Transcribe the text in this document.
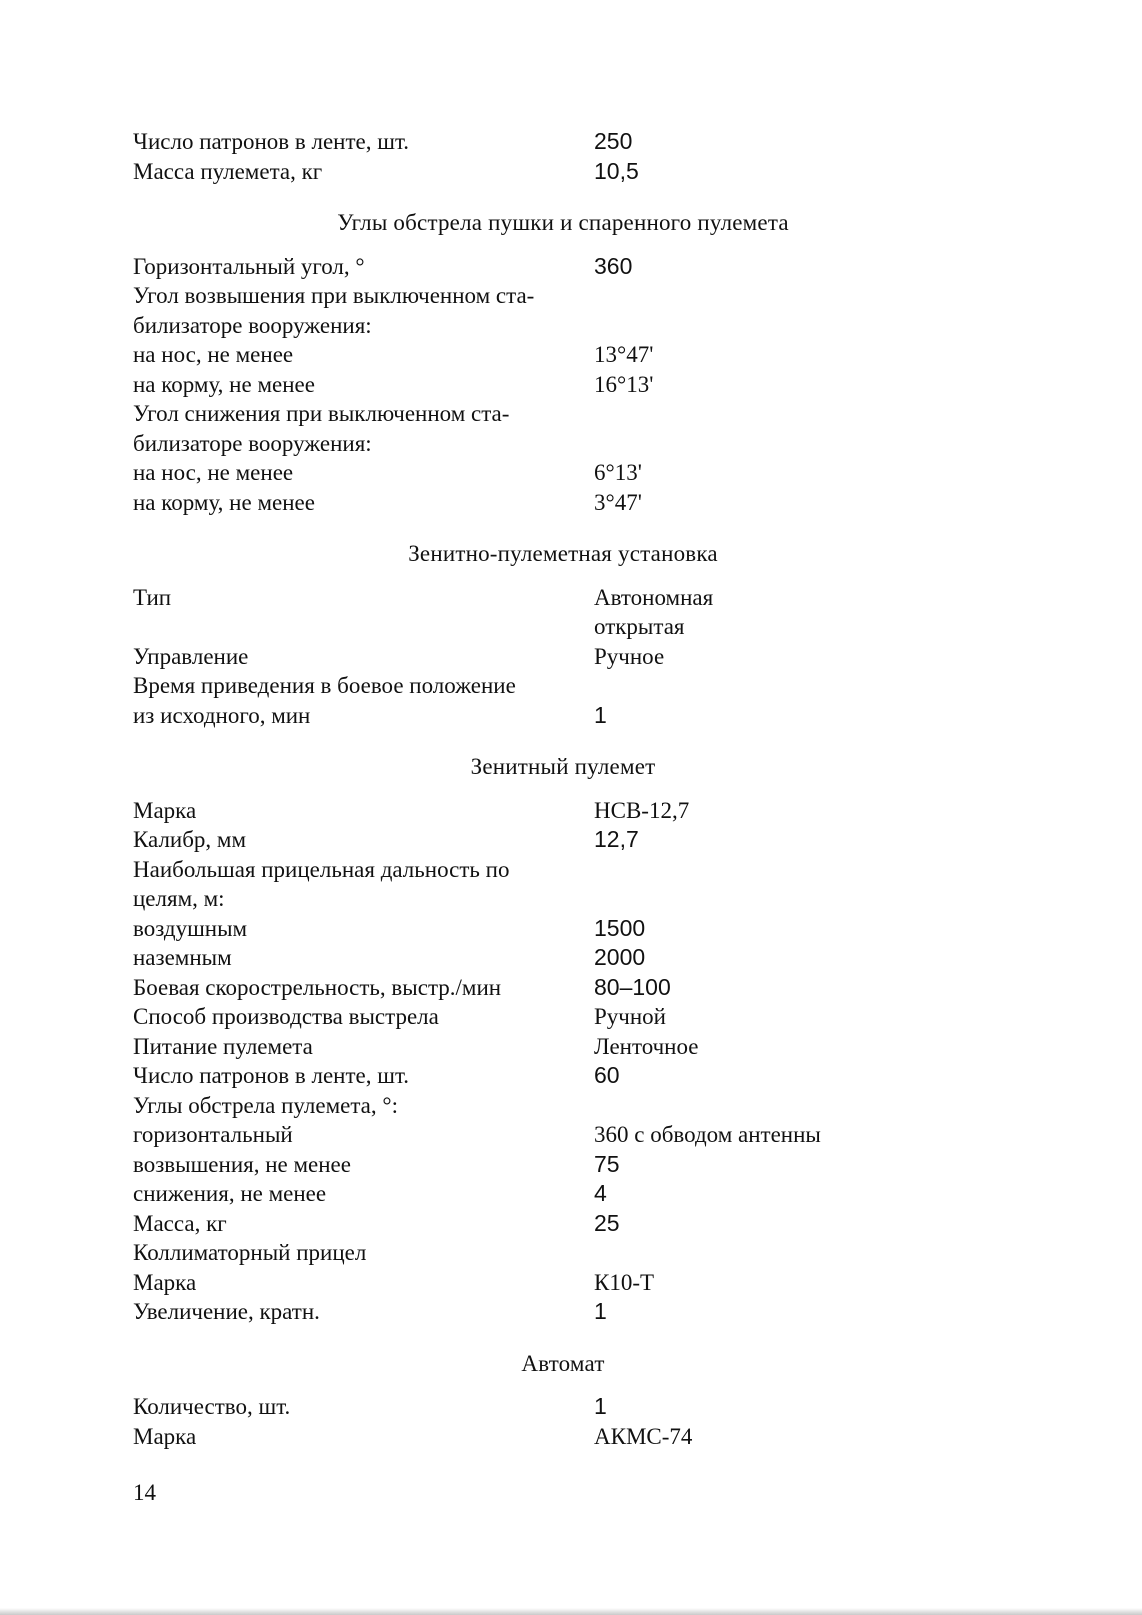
Число патронов в ленте, шт.	250
Масса пулемета, кг	10,5
Углы обстрела пушки и спаренного пулемета
Горизонтальный угол, °	360
Угол возвышения при выключенном ста-
билизаторе вооружения:
на нос, не менее	13°47'
на корму, не менее	16°13'
Угол снижения при выключенном ста-
билизаторе вооружения:
на нос, не менее	6°13'
на корму, не менее	3°47'
Зенитно-пулеметная установка
Тип	Автономная
открытая
Управление	Ручное
Время приведения в боевое положение
из исходного, мин	1
Зенитный пулемет
Марка	НСВ-12,7
Калибр, мм	12,7
Наибольшая прицельная дальность по
целям, м:
воздушным	1500
наземным	2000
Боевая скорострельность, выстр./мин	80–100
Способ производства выстрела	Ручной
Питание пулемета	Ленточное
Число патронов в ленте, шт.	60
Углы обстрела пулемета, °:
горизонтальный	360 с обводом антенны
возвышения, не менее	75
снижения, не менее	4
Масса, кг	25
Коллиматорный прицел
Марка	К10-Т
Увеличение, кратн.	1
Автомат
Количество, шт.	1
Марка	АКМС-74
14
